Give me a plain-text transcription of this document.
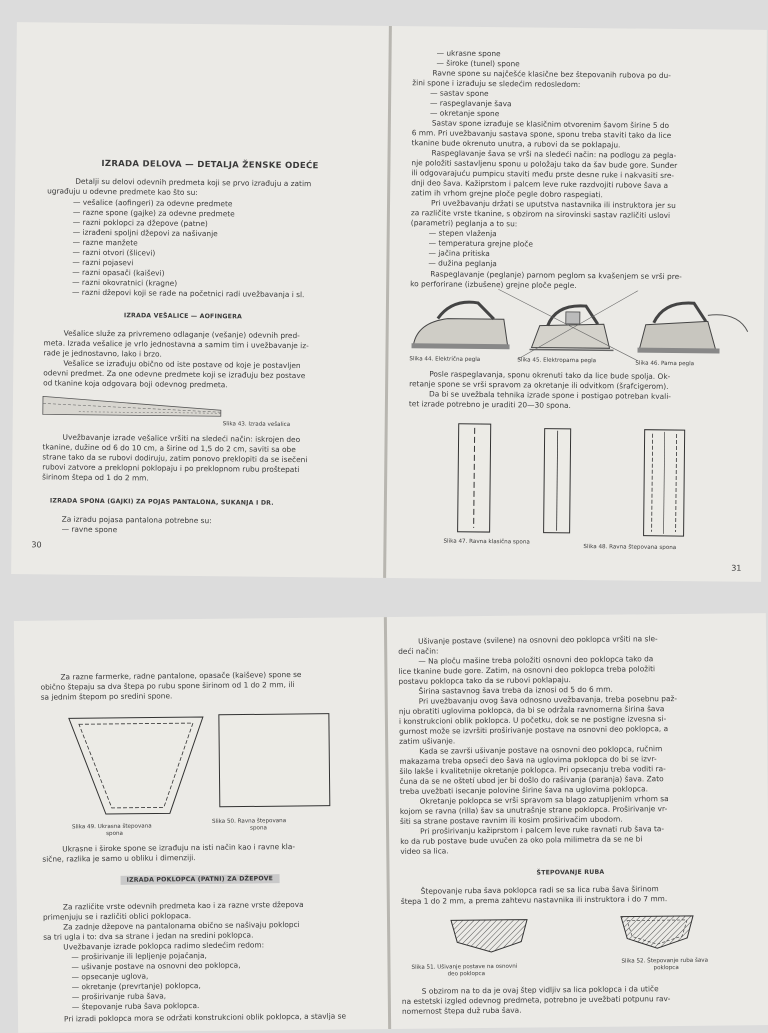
IZRADA DELOVA — DETALJA ŽENSKE ODEĆE
Detalji su delovi odevnih predmeta koji se prvo izrađuju a zatim
ugrađuju u odevne predmete kao što su:
— vešalice (aofingeri) za odevne predmete
— razne spone (gajke) za odevne predmete
— razni poklopci za džepove (patne)
— izrađeni spoljni džepovi za našivanje
— razne manžete
— razni otvori (šlicevi)
— razni pojasevi
— razni opasači (kaiševi)
— razni okovratnici (kragne)
— razni džepovi koji se rade na početnici radi uvežbavanja i sl.
IZRADA VEŠALICE — AOFINGERA
Vešalice služe za privremeno odlaganje (vešanje) odevnih pred-
meta. Izrada vešalice je vrlo jednostavna a samim tim i uvežbavanje iz-
rade je jednostavno, lako i brzo.
Vešalice se izrađuju obično od iste postave od koje je postavljen
odevni predmet. Za one odevne predmete koji se izrađuju bez postave
od tkanine koja odgovara boji odevnog predmeta.
Slika 43. Izrada vešalica
Uvežbavanje izrade vešalice vršiti na sledeći način: iskrojen deo
tkanine, dužine od 6 do 10 cm, a širine od 1,5 do 2 cm, saviti sa obe
strane tako da se rubovi dodiruju, zatim ponovo preklopiti da se isečeni
rubovi zatvore a preklopni poklopaju i po preklopnom rubu proštepati
širinom štepa od 1 do 2 mm.
IZRADA SPONA (GAJKI) ZA POJAS PANTALONA, SUKANJA I DR.
Za izradu pojasa pantalona potrebne su:
— ravne spone
30
— ukrasne spone
— široke (tunel) spone
Ravne spone su najčešće klasične bez štepovanih rubova po du-
žini spone i izrađuju se sledećim redosledom:
— sastav spone
— raspeglavanje šava
— okretanje spone
Sastav spone izrađuje se klasičnim otvorenim šavom širine 5 do
6 mm. Pri uvežbavanju sastava spone, sponu treba staviti tako da lice
tkanine bude okrenuto unutra, a rubovi da se poklapaju.
Raspeglavanje šava se vrši na sledeći način: na podlogu za pegla-
nje položiti sastavljenu sponu u položaju tako da šav bude gore. Sunđer
ili odgovarajuću pumpicu staviti među prste desne ruke i nakvasiti sre-
dnji deo šava. Kažiprstom i palcem leve ruke razdvojiti rubove šava a
zatim ih vrhom grejne ploče pegle dobro raspegiati.
Pri uvežbavanju držati se uputstva nastavnika ili instruktora jer su
za različite vrste tkanine, s obzirom na sirovinski sastav različiti uslovi
(parametri) peglanja a to su:
— stepen vlaženja
— temperatura grejne ploče
— jačina pritiska
— dužina peglanja
Raspeglavanje (peglanje) parnom peglom sa kvašenjem se vrši pre-
ko perforirane (izbušene) grejne ploče pegle.
Slika 44. Električna pegla	Slika 45. Elektroparna pegla	Slika 46. Parna pegla
Posle raspeglavanja, sponu okrenuti tako da lice bude spolja. Ok-
retanje spone se vrši spravom za okretanje ili odvitkom (šrafcigerom).
Da bi se uvežbala tehnika izrade spone i postigao potreban kvali-
tet izrade potrebno je uraditi 20—30 spona.
Slika 47. Ravna klasična spona
Slika 48. Ravna štepovana spona
31
Za razne farmerke, radne pantalone, opasače (kaiševe) spone se
obično štepaju sa dva štepa po rubu spone širinom od 1 do 2 mm, ili
sa jednim štepom po sredini spone.
Slika 49. Ukrasna štepovana
spona
Slika 50. Ravna štepovana
spona
Ukrasne i široke spone se izrađuju na isti način kao i ravne kla-
sične, razlika je samo u obliku i dimenziji.
IZRADA POKLOPCA (PATNI) ZA DŽEPOVE
Za različite vrste odevnih predmeta kao i za razne vrste džepova
primenjuju se i različiti oblici poklopaca.
Za zadnje džepove na pantalonama obično se našivaju poklopci
sa tri ugla i to: dva sa strane i jedan na sredini poklopca.
Uvežbavanje izrade poklopca radimo sledećim redom:
— proširivanje ili lepljenje pojačanja,
— ušivanje postave na osnovni deo poklopca,
— opsecanje uglova,
— okretanje (prevrtanje) poklopca,
— proširivanje ruba šava,
— štepovanje ruba šava poklopca.
Pri izradi poklopca mora se održati konstrukcioni oblik poklopca, a stavlja se
Ušivanje postave (svilene) na osnovni deo poklopca vršiti na sle-
deći način:
— Na ploču mašine treba položiti osnovni deo poklopca tako da
lice tkanine bude gore. Zatim, na osnovni deo poklopca treba položiti
postavu poklopca tako da se rubovi poklapaju.
Širina sastavnog šava treba da iznosi od 5 do 6 mm.
Pri uvežbavanju ovog šava odnosno uvežbavanja, treba posebnu paž-
nju obratiti uglovima poklopca, da bi se održala ravnomerna širina šava
i konstrukcioni oblik poklopca. U početku, dok se ne postigne izvesna si-
gurnost može se izvršiti proširivanje postave na osnovni deo poklopca, a
zatim ušivanje.
Kada se završi ušivanje postave na osnovni deo poklopca, ručnim
makazama treba opseći deo šava na uglovima poklopca do bi se izvr-
šilo lakše i kvalitetnije okretanje poklopca. Pri opsecanju treba voditi ra-
čuna da se ne oštetí ubod jer bi došlo do rašivanja (paranja) šava. Zato
treba uvežbati isecanje polovine širine šava na uglovima poklopca.
Okretanje poklopca se vrši spravom sa blago zatupljenim vrhom sa
kojom se ravna (rilla) šav sa unutrašnje strane poklopca. Proširivanje vr-
šiti sa strane postave ravnim ili kosim proširivačim ubodom.
Pri proširivanju kažiprstom i palcem leve ruke ravnati rub šava ta-
ko da rub postave bude uvučen za oko pola milimetra da se ne bi
video sa lica.
ŠTEPOVANJE RUBA
Štepovanje ruba šava poklopca radi se sa lica ruba šava širinom
štepa 1 do 2 mm, a prema zahtevu nastavnika ili instruktora i do 7 mm.
Slika 51. Ušivanje postave na osnovni
deo poklopca
Slika 52. Štepovanje ruba šava
poklopca
S obzirom na to da je ovaj štep vidljiv sa lica poklopca i da utiče
na estetski izgled odevnog predmeta, potrebno je uvežbati potpunu rav-
nomernost štepa duž ruba šava.
